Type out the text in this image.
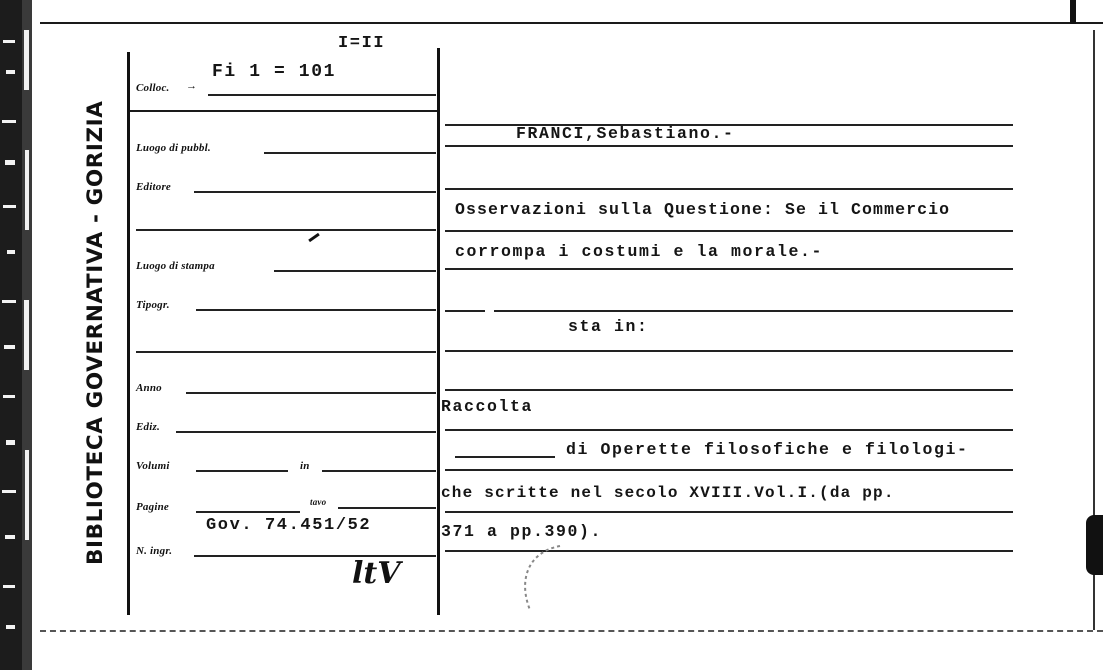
BIBLIOTECA GOVERNATIVA - GORIZIA
I=II
Colloc. →
Fi 1 = 101
Luogo di pubbl.
Editore
Luogo di stampa
Tipogr.
Anno
Ediz.
Volumi	in
Pagine	tavo
Gov. 74.451/52
N. ingr.
ltV
FRANCI,Sebastiano.-
Osservazioni sulla Questione: Se il Commercio
corrompa i costumi e la morale.-
sta in:
Raccolta
di Operette filosofiche e filologi-
che scritte nel secolo XVIII.Vol.I.(da pp.
371 a pp.390).
